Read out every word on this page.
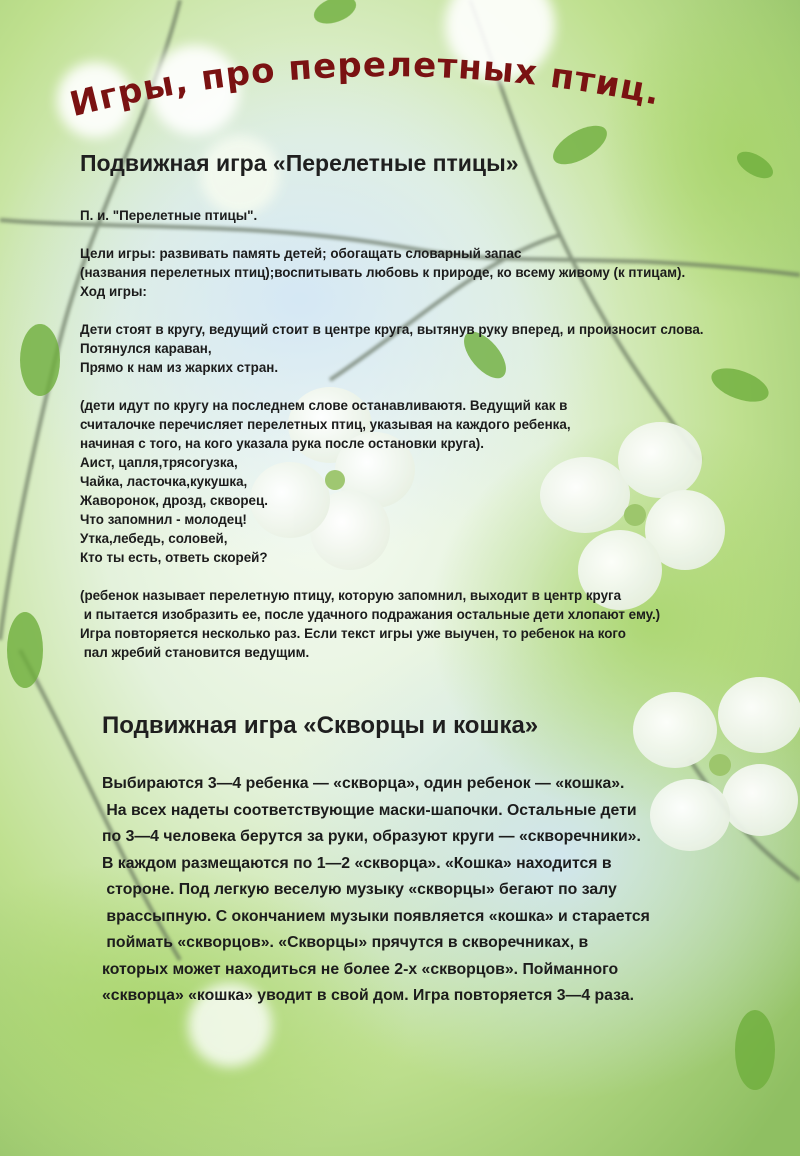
Игры, про перелетных птиц.
Подвижная игра «Перелетные птицы»
П. и. "Перелетные птицы".
Цели игры: развивать память детей; обогащать словарный запас
(названия перелетных птиц);воспитывать любовь к природе, ко всему живому (к птицам).
Ход игры:
Дети стоят в кругу, ведущий стоит в центре круга, вытянув руку вперед, и произносит слова.
Потянулся караван,
Прямо к нам из жарких стран.
(дети идут по кругу на последнем слове останавливаютя. Ведущий как в
считалочке перечисляет перелетных птиц, указывая на каждого ребенка,
начиная с того, на кого указала рука после остановки круга).
Аист, цапля,трясогузка,
Чайка, ласточка,кукушка,
Жаворонок, дрозд, скворец.
Что запомнил - молодец!
Утка,лебедь, соловей,
Кто ты есть, ответь скорей?
(ребенок называет перелетную птицу, которую запомнил, выходит в центр круга
и пытается изобразить ее, после удачного подражания остальные дети хлопают ему.)
Игра повторяется несколько раз. Если текст игры уже выучен, то ребенок на кого
пал жребий становится ведущим.
Подвижная игра «Скворцы и кошка»
Выбираются 3—4 ребенка — «скворца», один ребенок — «кошка».
На всех надеты соответствующие маски-шапочки. Остальные дети
по 3—4 человека берутся за руки, образуют круги — «скворечники».
В каждом размещаются по 1—2 «скворца». «Кошка» находится в
стороне. Под легкую веселую музыку «скворцы» бегают по залу
врассыпную. С окончанием музыки появляется «кошка» и старается
поймать «скворцов». «Скворцы» прячутся в скворечниках, в
которых может находиться не более 2-х «скворцов». Пойманного
«скворца» «кошка» уводит в свой дом. Игра повторяется 3—4 раза.
